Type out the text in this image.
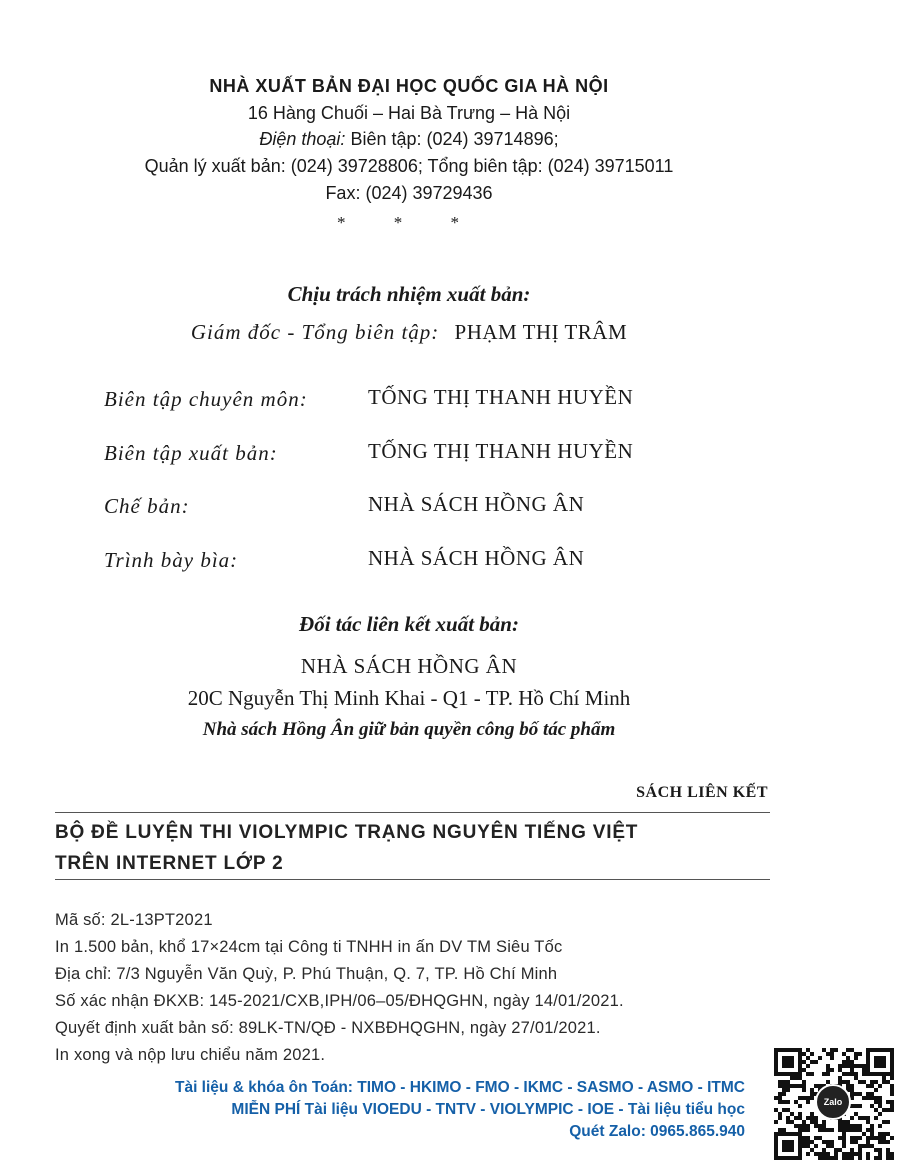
NHÀ XUẤT BẢN ĐẠI HỌC QUỐC GIA HÀ NỘI
16 Hàng Chuối – Hai Bà Trưng – Hà Nội
Điện thoại: Biên tập: (024) 39714896;
Quản lý xuất bản: (024) 39728806; Tổng biên tập: (024) 39715011
Fax: (024) 39729436
* * *
Chịu trách nhiệm xuất bản:
Giám đốc - Tổng biên tập: PHẠM THỊ TRÂM
Biên tập chuyên môn:	TỐNG THỊ THANH HUYỀN
Biên tập xuất bản:	TỐNG THỊ THANH HUYỀN
Chế bản:	NHÀ SÁCH HỒNG ÂN
Trình bày bìa:	NHÀ SÁCH HỒNG ÂN
Đối tác liên kết xuất bản:
NHÀ SÁCH HỒNG ÂN
20C Nguyễn Thị Minh Khai - Q1 - TP. Hồ Chí Minh
Nhà sách Hồng Ân giữ bản quyền công bố tác phẩm
SÁCH LIÊN KẾT
BỘ ĐỀ LUYỆN THI VIOLYMPIC TRẠNG NGUYÊN TIẾNG VIỆT
TRÊN INTERNET LỚP 2
Mã số: 2L-13PT2021
In 1.500 bản, khổ 17×24cm tại Công ti TNHH in ấn DV TM Siêu Tốc
Địa chỉ: 7/3 Nguyễn Văn Quỳ, P. Phú Thuận, Q. 7, TP. Hồ Chí Minh
Số xác nhận ĐKXB: 145-2021/CXB,IPH/06–05/ĐHQGHN, ngày 14/01/2021.
Quyết định xuất bản số: 89LK-TN/QĐ - NXBĐHQGHN, ngày 27/01/2021.
In xong và nộp lưu chiểu năm 2021.
Tài liệu & khóa ôn Toán: TIMO - HKIMO - FMO - IKMC - SASMO - ASMO - ITMC
MIỄN PHÍ Tài liệu VIOEDU - TNTV - VIOLYMPIC - IOE - Tài liệu tiểu học
Quét Zalo: 0965.865.940
Zalo
